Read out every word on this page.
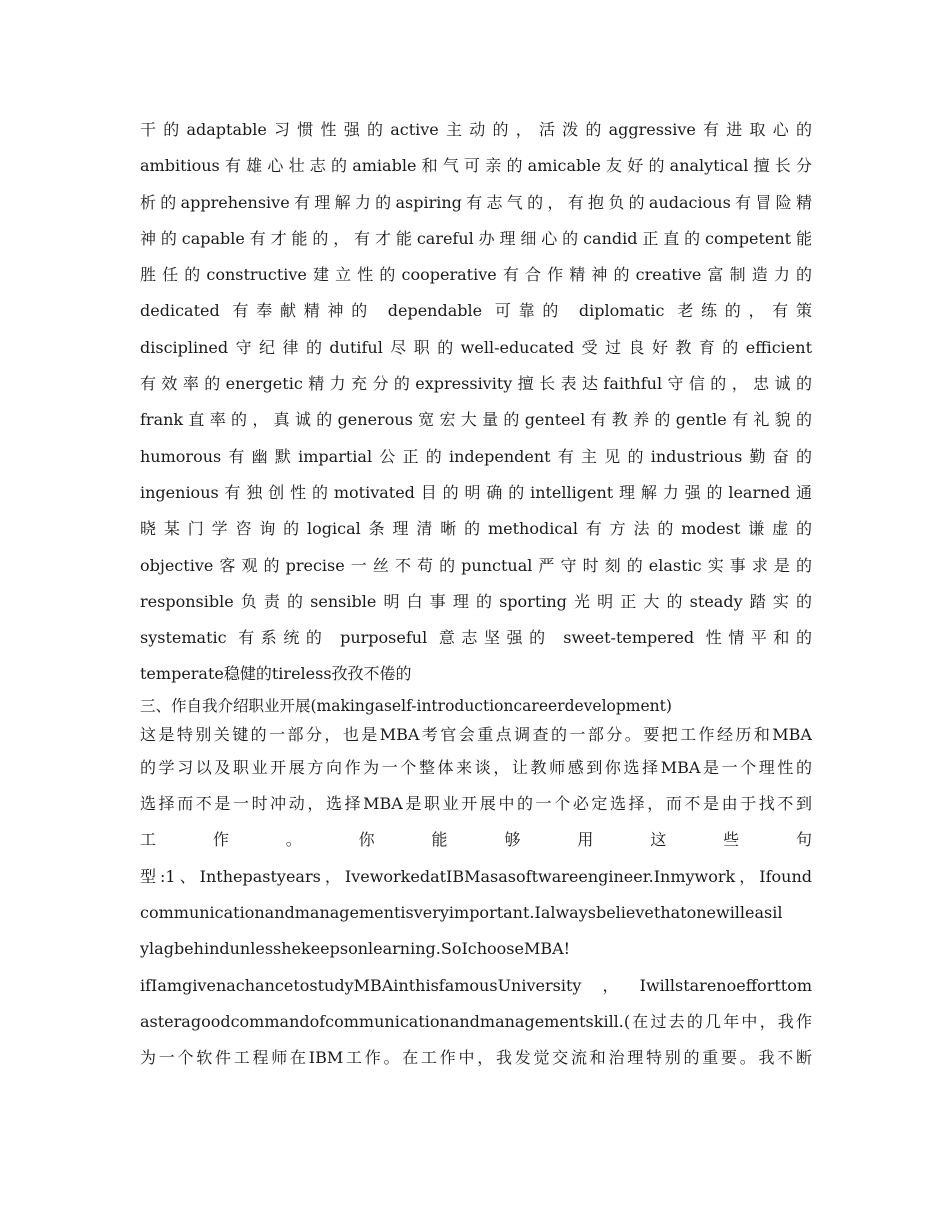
干的adaptable习惯性强的active主动的，活泼的aggressive有进取心的
ambitious有雄心壮志的amiable和气可亲的amicable友好的analytical擅长分
析的apprehensive有理解力的aspiring有志气的，有抱负的audacious有冒险精
神的capable有才能的，有才能careful办理细心的candid正直的competent能
胜任的constructive建立性的cooperative有合作精神的creative富制造力的
dedicated 有奉献精神的 dependable 可靠的 diplomatic 老练的，有策
disciplined守纪律的dutiful尽职的well-educated受过良好教育的efficient
有效率的energetic精力充分的expressivity擅长表达faithful守信的，忠诚的
frank直率的，真诚的generous宽宏大量的genteel有教养的gentle有礼貌的
humorous有幽默impartial公正的independent有主见的industrious勤奋的
ingenious有独创性的motivated目的明确的intelligent理解力强的learned通
晓某门学咨询的logical条理清晰的methodical有方法的modest谦虚的
objective客观的precise一丝不苟的punctual严守时刻的elastic实事求是的
responsible负责的sensible明白事理的sporting光明正大的steady踏实的
systematic 有系统的 purposeful 意志坚强的 sweet-tempered 性情平和的
temperate稳健的tireless孜孜不倦的
三、作自我介绍职业开展(makingaself-introductioncareerdevelopment)
这是特别关键的一部分，也是MBA考官会重点调查的一部分。要把工作经历和MBA
的学习以及职业开展方向作为一个整体来谈，让教师感到你选择MBA是一个理性的
选择而不是一时冲动，选择MBA是职业开展中的一个必定选择，而不是由于找不到
工 作 。 你 能 够 用 这 些 句
型:1、Inthepastyears，IveworkedatIBMasasoftwareengineer.Inmywork，Ifound
communicationandmanagementisveryimportant.Ialwaysbelievethatonewilleasil
ylagbehindunlesshekeepsonlearning.SoIchooseMBA!
ifIamgivenachancetostudyMBAinthisfamousUniversity，Iwillstarenoefforttom
asteragoodcommandofcommunicationandmanagementskill.(在过去的几年中，我作
为一个软件工程师在IBM工作。在工作中，我发觉交流和治理特别的重要。我不断
